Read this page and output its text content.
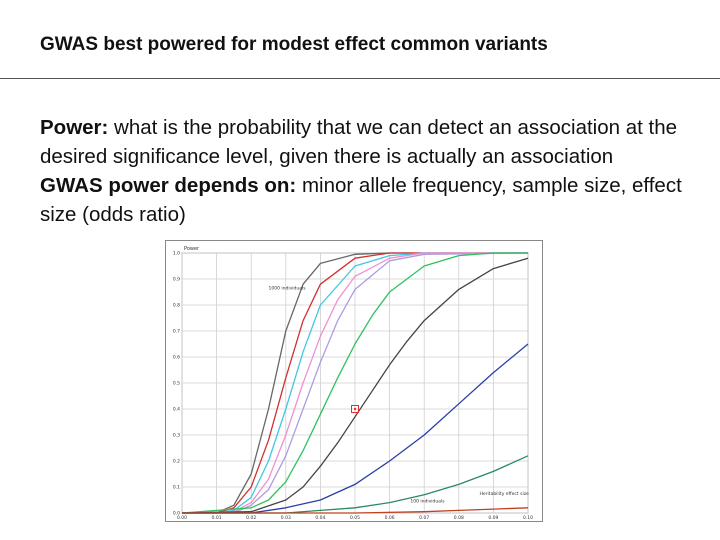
GWAS best powered for modest effect common variants

Power: what is the probability that we can detect an association at the desired significance level, given there is actually an association

GWAS power depends on: minor allele frequency, sample size, effect size (odds ratio)

0.00	0.01	0.02	0.03	0.04	0.05	0.06	0.07	0.08	0.09	0.10
0.0
0.1
0.2
0.3
0.4
0.5
0.6
0.7
0.8
0.9
1.0
Power
1000 individuals
100 individuals
Heritability effect size
